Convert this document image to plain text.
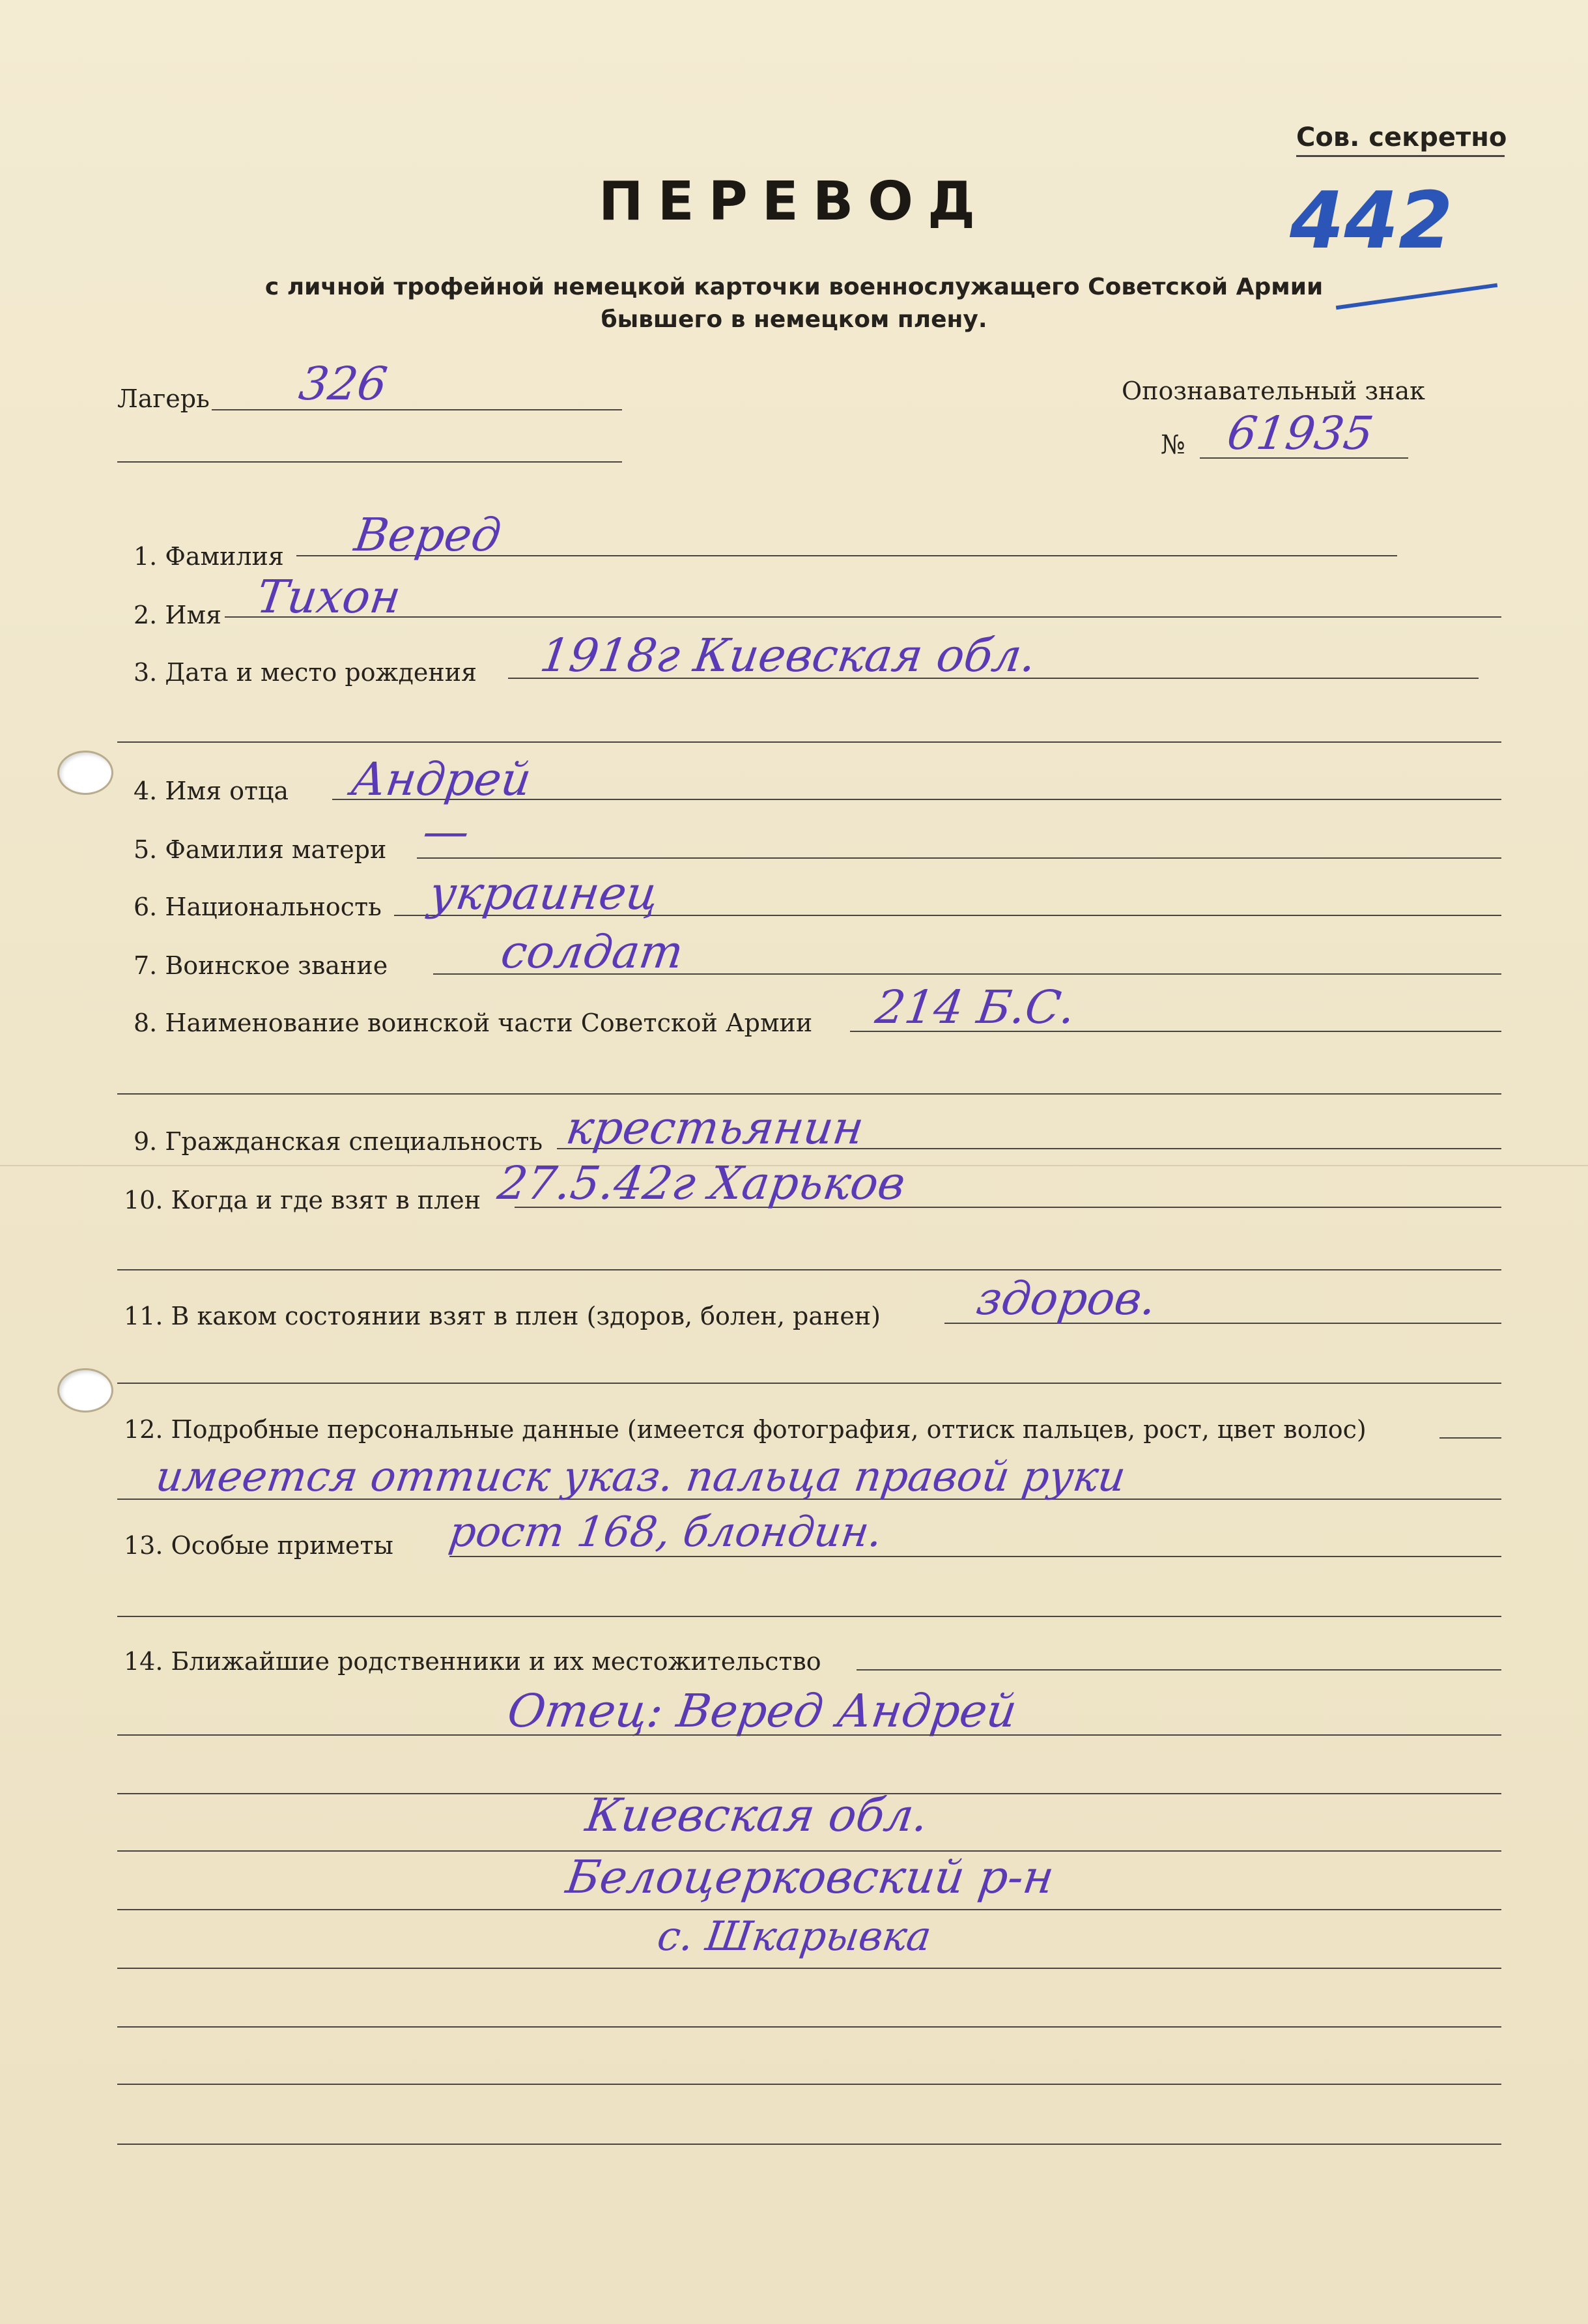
Сов. секретно
442
ПЕРЕВОД
с личной трофейной немецкой карточки военнослужащего Советской Армии
бывшего в немецком плену.
Лагерь 326	Опознавательный знак
№ 61935
1. Фамилия Веред
2. Имя Тихон
3. Дата и место рождения 1918г Киевская обл.
4. Имя отца Андрей
5. Фамилия матери —
6. Национальность украинец
7. Воинское звание солдат
8. Наименование воинской части Советской Армии 214 Б.С.
9. Гражданская специальность крестьянин
10. Когда и где взят в плен 27.5.42г Харьков
11. В каком состоянии взят в плен (здоров, болен, ранен) здоров.
12. Подробные персональные данные (имеется фотография, оттиск пальцев, рост, цвет волос)
имеется оттиск указ. пальца правой руки
13. Особые приметы рост 168, блондин.
14. Ближайшие родственники и их местожительство
Отец: Веред Андрей
Киевская обл.
Белоцерковский р-н
с. Шкарывка
